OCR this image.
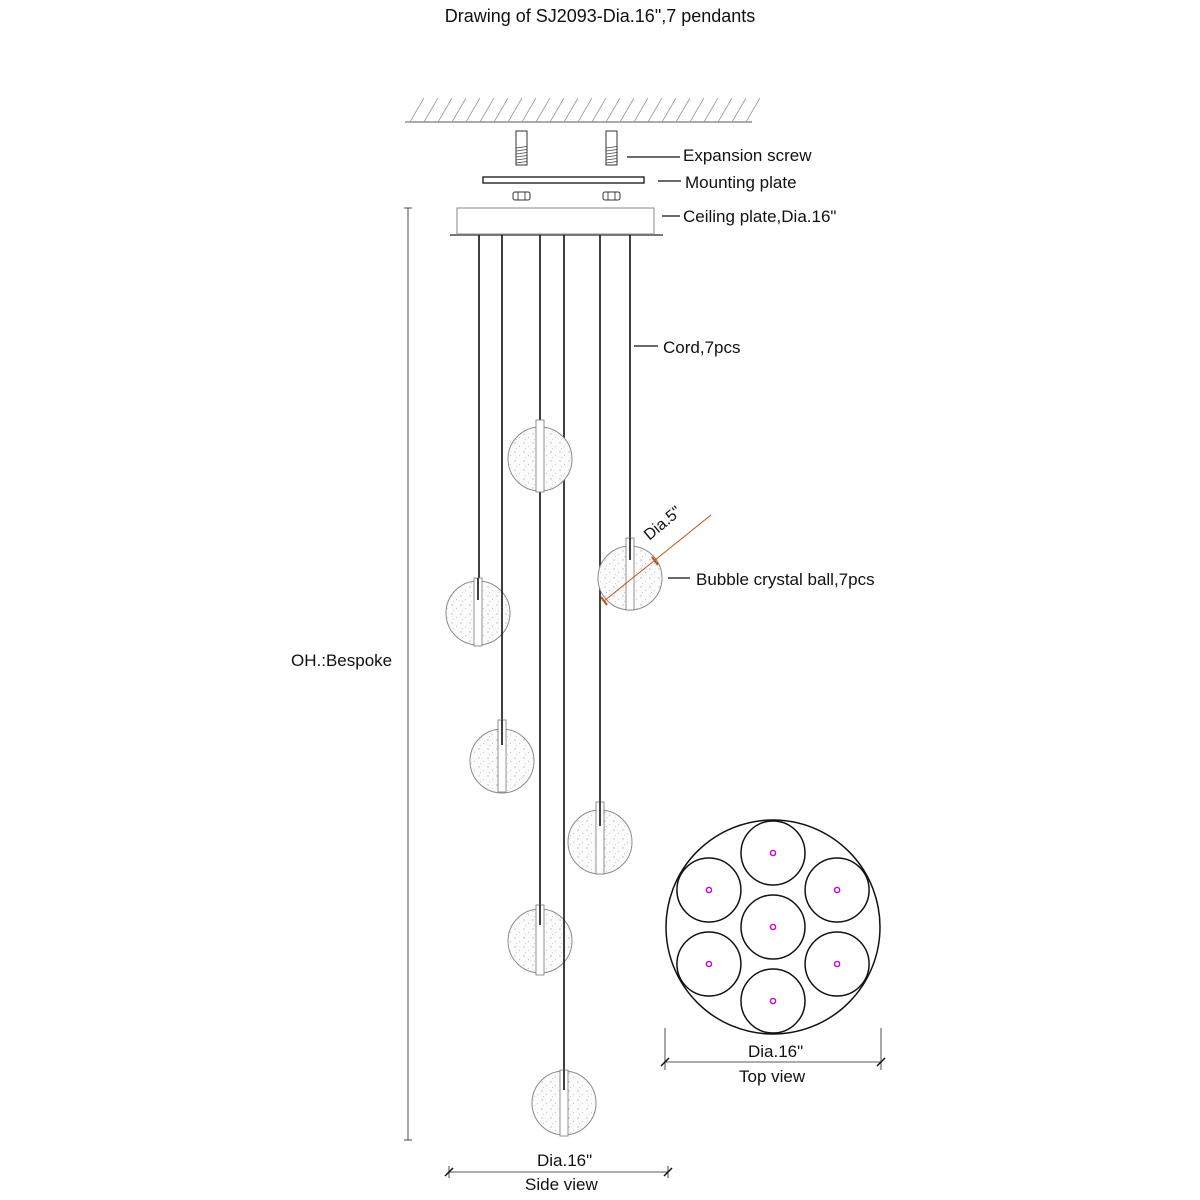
Drawing of SJ2093-Dia.16",7 pendants
Expansion screw
Mounting plate
Ceiling plate,Dia.16"
Cord,7pcs
Dia.5"
Bubble crystal ball,7pcs
OH.:Bespoke
Dia.16"
Side view
Dia.16"
Top view
